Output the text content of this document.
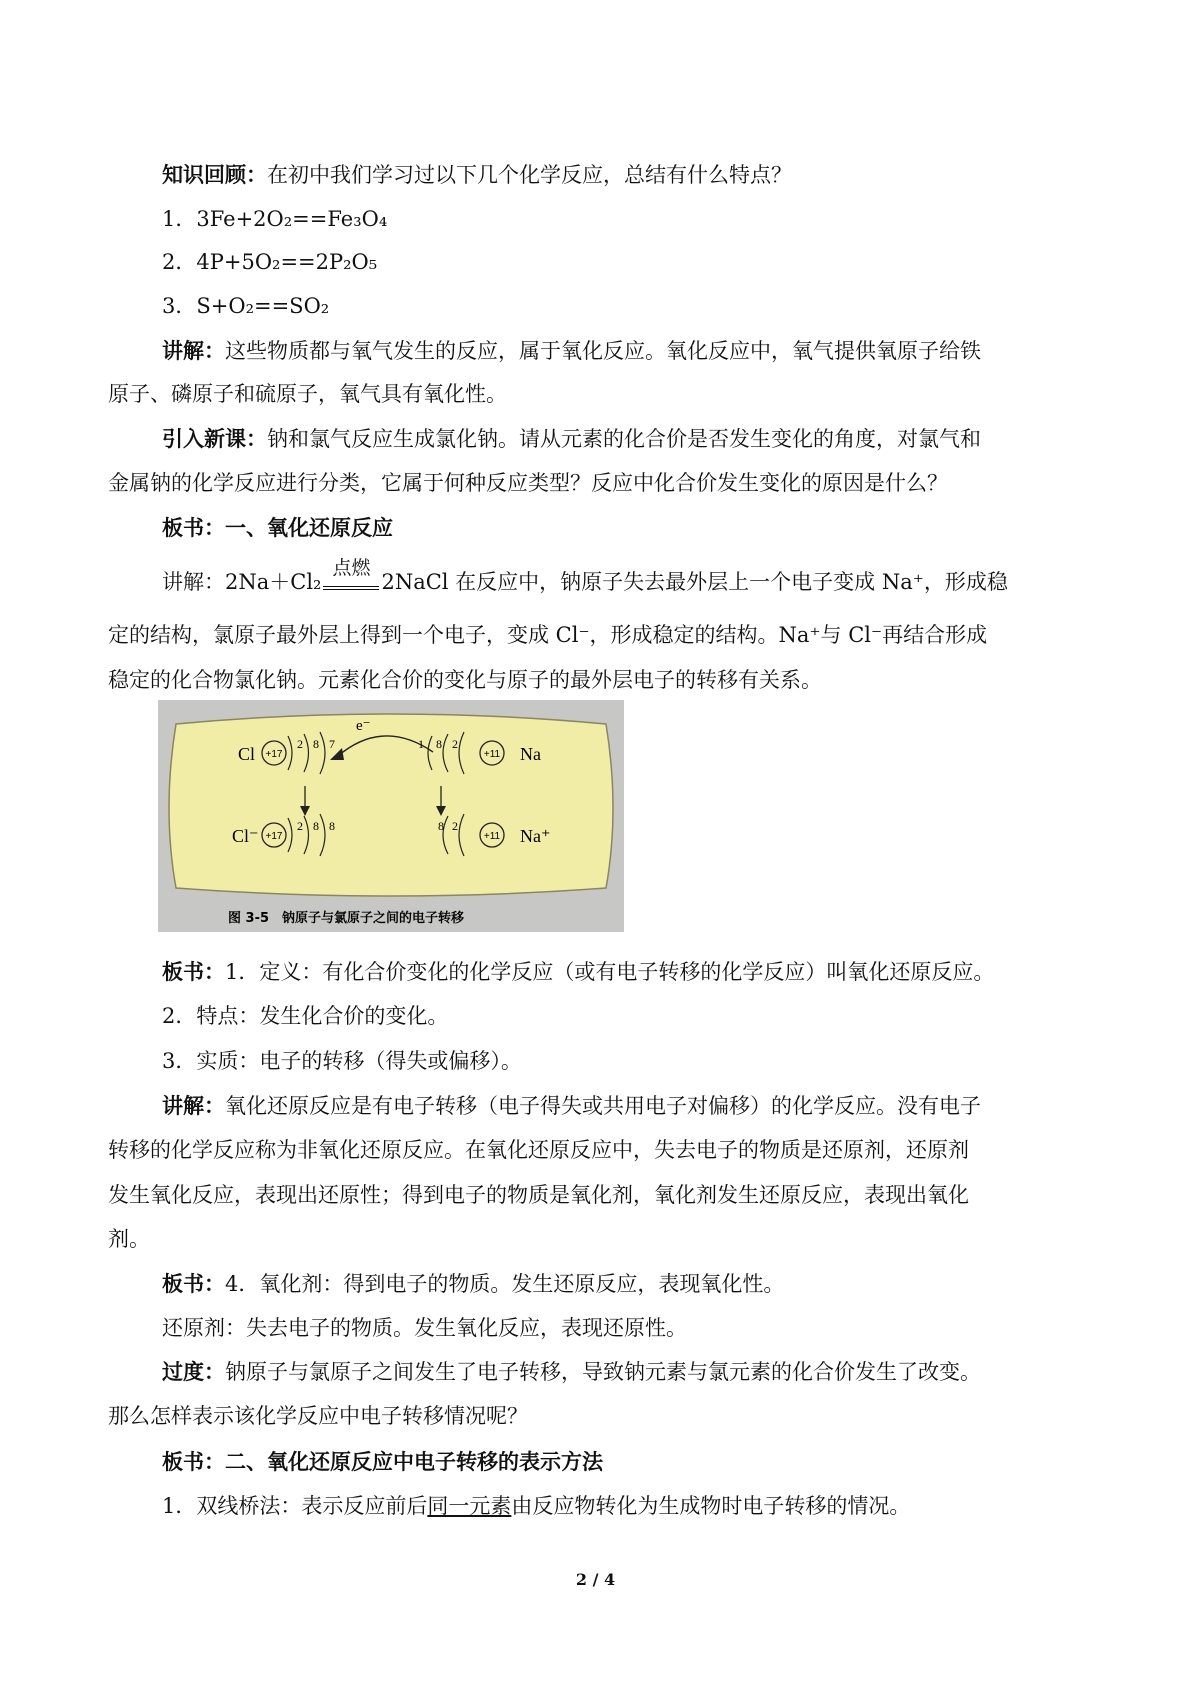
知识回顾：在初中我们学习过以下几个化学反应，总结有什么特点？
1．3Fe+2O₂==Fe₃O₄
2．4P+5O₂==2P₂O₅
3．S+O₂==SO₂
讲解：这些物质都与氧气发生的反应，属于氧化反应。氧化反应中，氧气提供氧原子给铁
原子、磷原子和硫原子，氧气具有氧化性。
引入新课：钠和氯气反应生成氯化钠。请从元素的化合价是否发生变化的角度，对氯气和
金属钠的化学反应进行分类，它属于何种反应类型？反应中化合价发生变化的原因是什么？
板书：一、氧化还原反应
讲解：2Na＋Cl₂
点燃
2NaCl 在反应中，钠原子失去最外层上一个电子变成 Na⁺，形成稳
定的结构，氯原子最外层上得到一个电子，变成 Cl⁻，形成稳定的结构。Na⁺与 Cl⁻再结合形成
稳定的化合物氯化钠。元素化合价的变化与原子的最外层电子的转移有关系。
e⁻
Cl +17
2 8 7
Cl⁻ +17
2 8 8
1 8 2
+11 Na
8 2
+11 Na⁺
图 3-5　钠原子与氯原子之间的电子转移
板书：1．定义：有化合价变化的化学反应（或有电子转移的化学反应）叫氧化还原反应。
2．特点：发生化合价的变化。
3．实质：电子的转移（得失或偏移）。
讲解：氧化还原反应是有电子转移（电子得失或共用电子对偏移）的化学反应。没有电子
转移的化学反应称为非氧化还原反应。在氧化还原反应中，失去电子的物质是还原剂，还原剂
发生氧化反应，表现出还原性；得到电子的物质是氧化剂，氧化剂发生还原反应，表现出氧化
剂。
板书：4．氧化剂：得到电子的物质。发生还原反应，表现氧化性。
还原剂：失去电子的物质。发生氧化反应，表现还原性。
过度：钠原子与氯原子之间发生了电子转移，导致钠元素与氯元素的化合价发生了改变。
那么怎样表示该化学反应中电子转移情况呢？
板书：二、氧化还原反应中电子转移的表示方法
1．双线桥法：表示反应前后同一元素由反应物转化为生成物时电子转移的情况。
2 / 4
